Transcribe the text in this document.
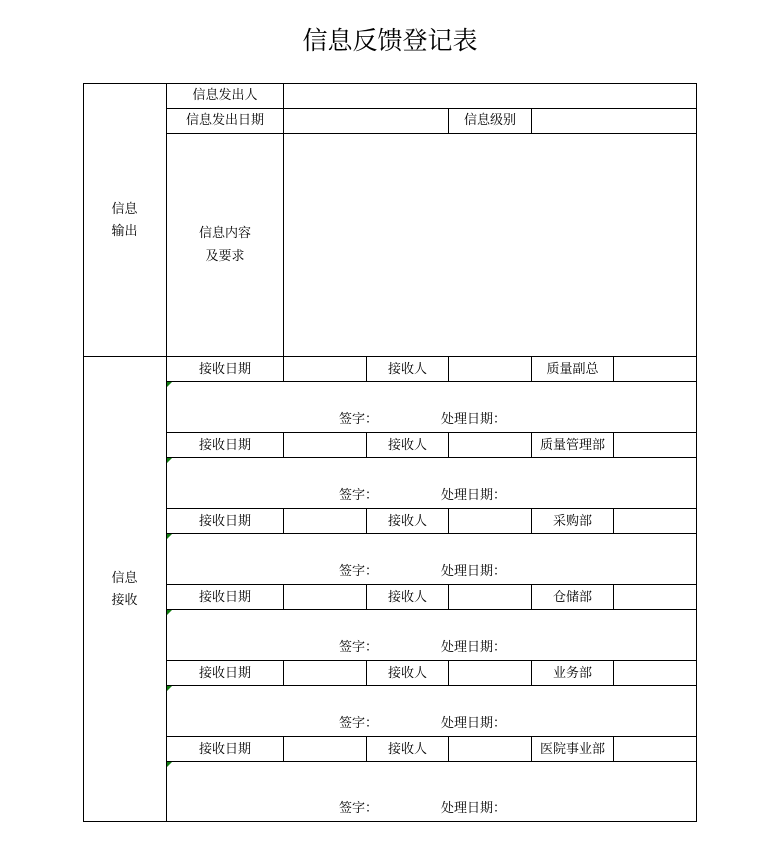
信息反馈登记表
信息
输出
信息发出人
信息发出日期	信息级别
信息内容
及要求
信息
接收
接收日期	接收人	质量副总
签字：	处理日期：
接收日期	接收人	质量管理部
签字：	处理日期：
接收日期	接收人	采购部
签字：	处理日期：
接收日期	接收人	仓储部
签字：	处理日期：
接收日期	接收人	业务部
签字：	处理日期：
接收日期	接收人	医院事业部
签字：	处理日期：
